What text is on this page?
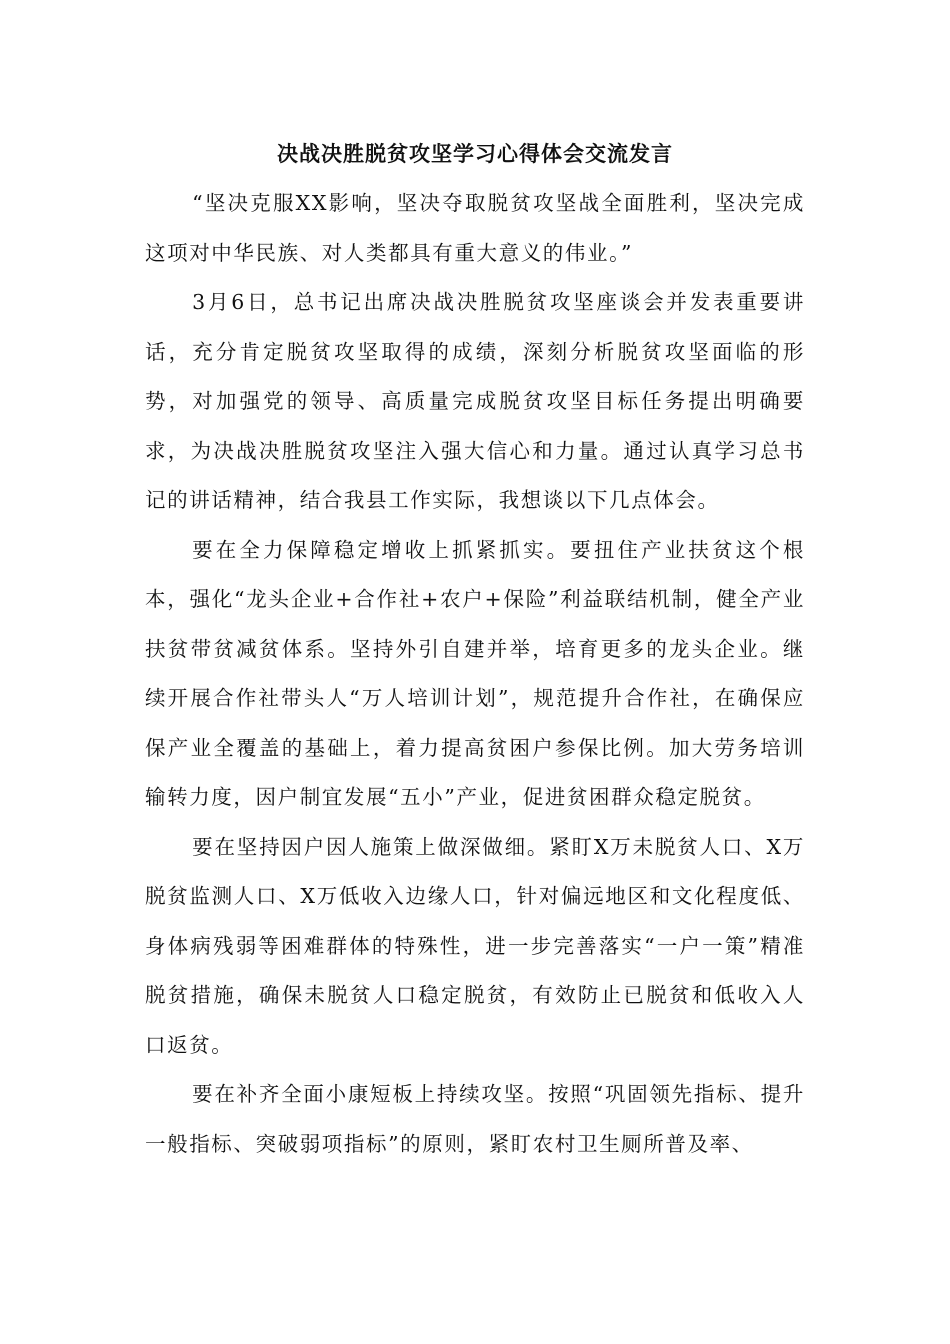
决战决胜脱贫攻坚学习心得体会交流发言

“坚决克服XX影响，坚决夺取脱贫攻坚战全面胜利，坚决完成这项对中华民族、对人类都具有重大意义的伟业。”

3月6日，总书记出席决战决胜脱贫攻坚座谈会并发表重要讲话，充分肯定脱贫攻坚取得的成绩，深刻分析脱贫攻坚面临的形势，对加强党的领导、高质量完成脱贫攻坚目标任务提出明确要求，为决战决胜脱贫攻坚注入强大信心和力量。通过认真学习总书记的讲话精神，结合我县工作实际，我想谈以下几点体会。

要在全力保障稳定增收上抓紧抓实。要扭住产业扶贫这个根本，强化“龙头企业+合作社+农户+保险”利益联结机制，健全产业扶贫带贫减贫体系。坚持外引自建并举，培育更多的龙头企业。继续开展合作社带头人“万人培训计划”，规范提升合作社，在确保应保产业全覆盖的基础上，着力提高贫困户参保比例。加大劳务培训输转力度，因户制宜发展“五小”产业，促进贫困群众稳定脱贫。

要在坚持因户因人施策上做深做细。紧盯X万未脱贫人口、X万脱贫监测人口、X万低收入边缘人口，针对偏远地区和文化程度低、身体病残弱等困难群体的特殊性，进一步完善落实“一户一策”精准脱贫措施，确保未脱贫人口稳定脱贫，有效防止已脱贫和低收入人口返贫。

要在补齐全面小康短板上持续攻坚。按照“巩固领先指标、提升一般指标、突破弱项指标”的原则，紧盯农村卫生厕所普及率、
